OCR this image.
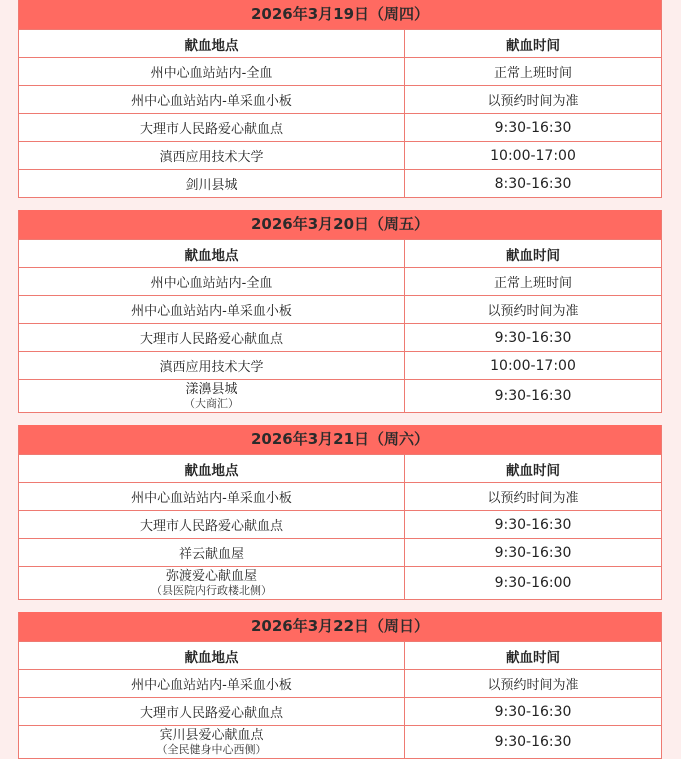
2026年3月19日（周四）
献血地点	献血时间
州中心血站站内-全血	正常上班时间
州中心血站站内-单采血小板	以预约时间为准
大理市人民路爱心献血点	9:30-16:30
滇西应用技术大学	10:00-17:00
剑川县城	8:30-16:30
2026年3月20日（周五）
献血地点	献血时间
州中心血站站内-全血	正常上班时间
州中心血站站内-单采血小板	以预约时间为准
大理市人民路爱心献血点	9:30-16:30
滇西应用技术大学	10:00-17:00
漾濞县城
（大商汇）	9:30-16:30
2026年3月21日（周六）
献血地点	献血时间
州中心血站站内-单采血小板	以预约时间为准
大理市人民路爱心献血点	9:30-16:30
祥云献血屋	9:30-16:30
弥渡爱心献血屋
（县医院内行政楼北侧）	9:30-16:00
2026年3月22日（周日）
献血地点	献血时间
州中心血站站内-单采血小板	以预约时间为准
大理市人民路爱心献血点	9:30-16:30
宾川县爱心献血点
（全民健身中心西侧）	9:30-16:30
